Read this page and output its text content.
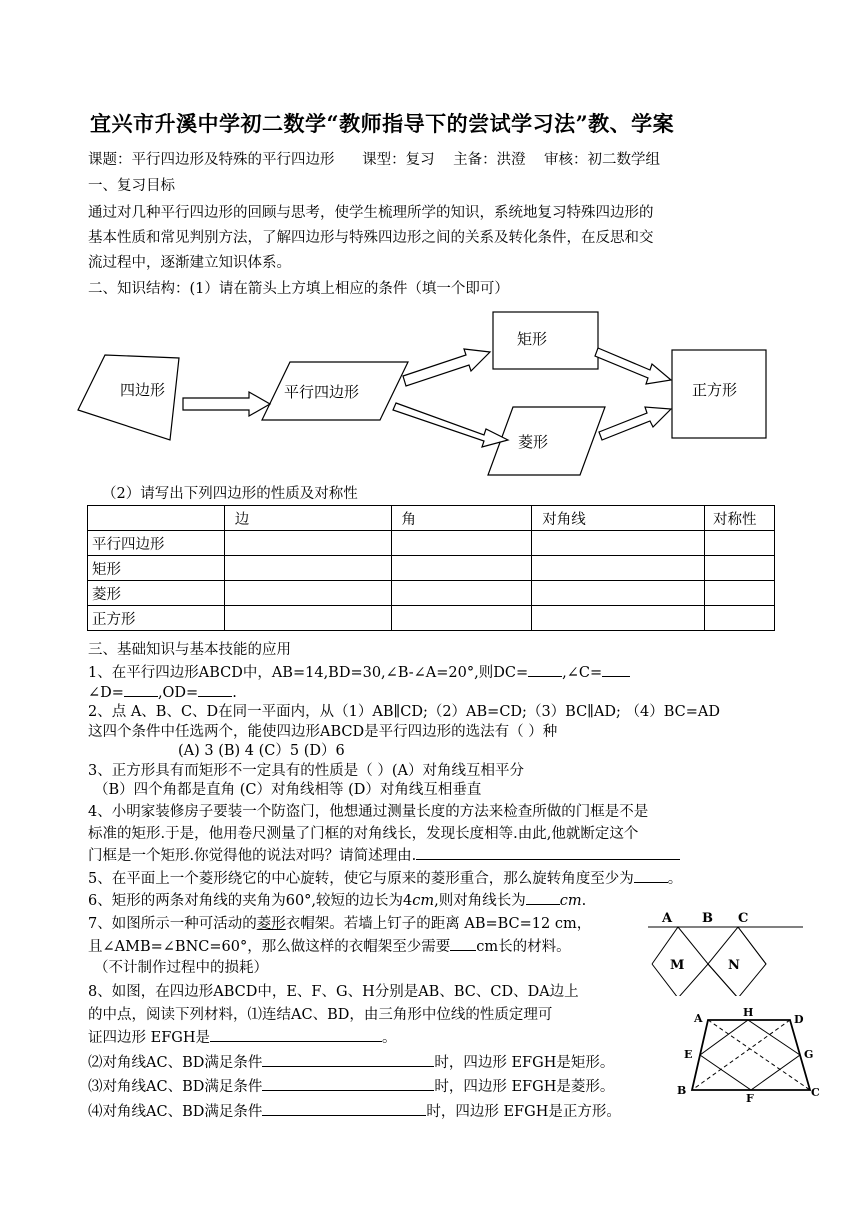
宜兴市升溪中学初二数学“教师指导下的尝试学习法”教、学案
课题：平行四边形及特殊的平行四边形 课型：复习 主备：洪澄 审核：初二数学组
一、复习目标
通过对几种平行四边形的回顾与思考，使学生梳理所学的知识，系统地复习特殊四边形的
基本性质和常见判别方法，了解四边形与特殊四边形之间的关系及转化条件，在反思和交
流过程中，逐渐建立知识体系。
二、知识结构：(1）请在箭头上方填上相应的条件（填一个即可）
四边形	平行四边形
矩形
菱形
正方形
（2）请写出下列四边形的性质及对称性
	边	角	对角线	对称性
平行四边形				
矩形				
菱形				
正方形				
三、基础知识与基本技能的应用
1、在平行四边形ABCD中，AB=14,BD=30,∠B-∠A=20°,则DC= ,∠C=
∠D= ,OD= .
2、点 A、B、C、D在同一平面内，从（1）AB∥CD;（2）AB=CD;（3）BC∥AD; （4）BC=AD
这四个条件中任选两个，能使四边形ABCD是平行四边形的选法有（ ）种
(A) 3 (B) 4 (C）5 (D）6
3、正方形具有而矩形不一定具有的性质是（ ）(A）对角线互相平分
（B）四个角都是直角 (C）对角线相等 (D）对角线互相垂直
4、小明家装修房子要装一个防盗门，他想通过测量长度的方法来检查所做的门框是不是
标准的矩形.于是，他用卷尺测量了门框的对角线长，发现长度相等.由此,他就断定这个
门框是一个矩形.你觉得他的说法对吗？请简述理由.
5、在平面上一个菱形绕它的中心旋转，使它与原来的菱形重合，那么旋转角度至少为 。
6、矩形的两条对角线的夹角为60°,较短的边长为4cm,则对角线长为 cm.
7、如图所示一种可活动的菱形衣帽架。若墙上钉子的距离 AB=BC=12 cm，
且∠AMB=∠BNC=60°，那么做这样的衣帽架至少需要 cm长的材料。
（不计制作过程中的损耗）
A B C
M	N
8、如图，在四边形ABCD中，E、F、G、H分别是AB、BC、CD、DA边上
的中点，阅读下列材料，⑴连结AC、BD，由三角形中位线的性质定理可
证四边形 EFGH是	。
⑵对角线AC、BD满足条件	时，四边形 EFGH是矩形。
⑶对角线AC、BD满足条件	时，四边形 EFGH是菱形。
⑷对角线AC、BD满足条件	时，四边形 EFGH是正方形。
A	H
D
E	G
B
F	C
